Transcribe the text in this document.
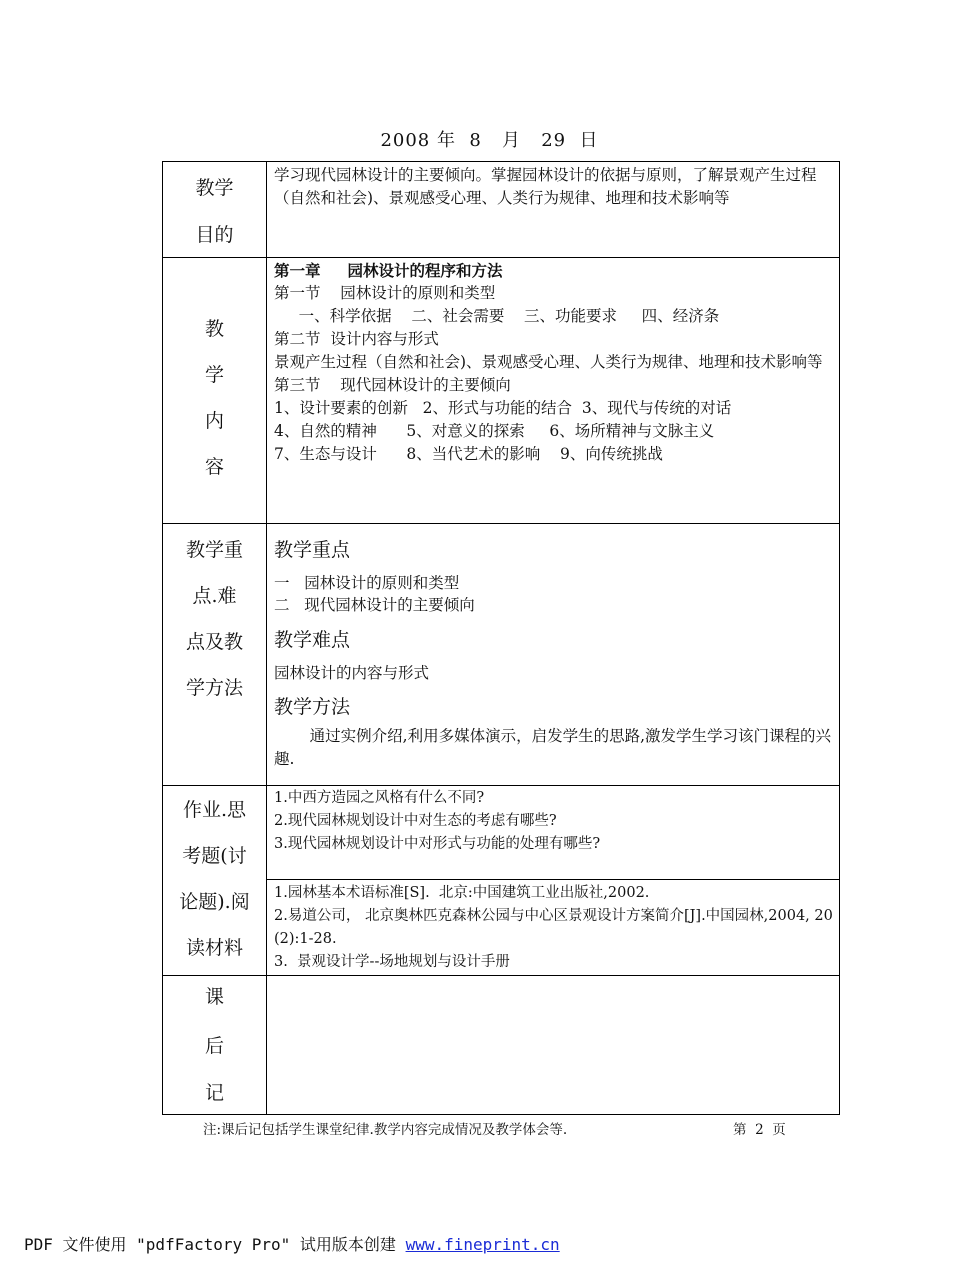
2008 年  8   月   29  日
教学
目的
学习现代园林设计的主要倾向。掌握园林设计的依据与原则，了解景观产生过程（自然和社会)、景观感受心理、人类行为规律、地理和技术影响等
教
学
内
容
第一章     园林设计的程序和方法
第一节    园林设计的原则和类型
一、科学依据    二、社会需要    三、功能要求     四、经济条
第二节  设计内容与形式
景观产生过程（自然和社会)、景观感受心理、人类行为规律、地理和技术影响等
第三节    现代园林设计的主要倾向
1、设计要素的创新   2、形式与功能的结合  3、现代与传统的对话
4、自然的精神      5、对意义的探索     6、场所精神与文脉主义
7、生态与设计      8、当代艺术的影响    9、向传统挑战
教学重
点.难
点及教
学方法
教学重点
一   园林设计的原则和类型
二   现代园林设计的主要倾向
教学难点
园林设计的内容与形式
教学方法
通过实例介绍,利用多媒体演示，启发学生的思路,激发学生学习该门课程的兴趣.
作业.思
考题(讨
论题).阅
读材料
1.中西方造园之风格有什么不同?
2.现代园林规划设计中对生态的考虑有哪些?
3.现代园林规划设计中对形式与功能的处理有哪些?
1.园林基本术语标准[S].  北京:中国建筑工业出版社,2002.
2.易道公司， 北京奥林匹克森林公园与中心区景观设计方案简介[J].中国园林,2004, 20 (2):1-28.
3.  景观设计学--场地规划与设计手册
课
后
记
注:课后记包括学生课堂纪律.教学内容完成情况及教学体会等.	第  2  页
PDF 文件使用 "pdfFactory Pro" 试用版本创建 www.fineprint.cn
